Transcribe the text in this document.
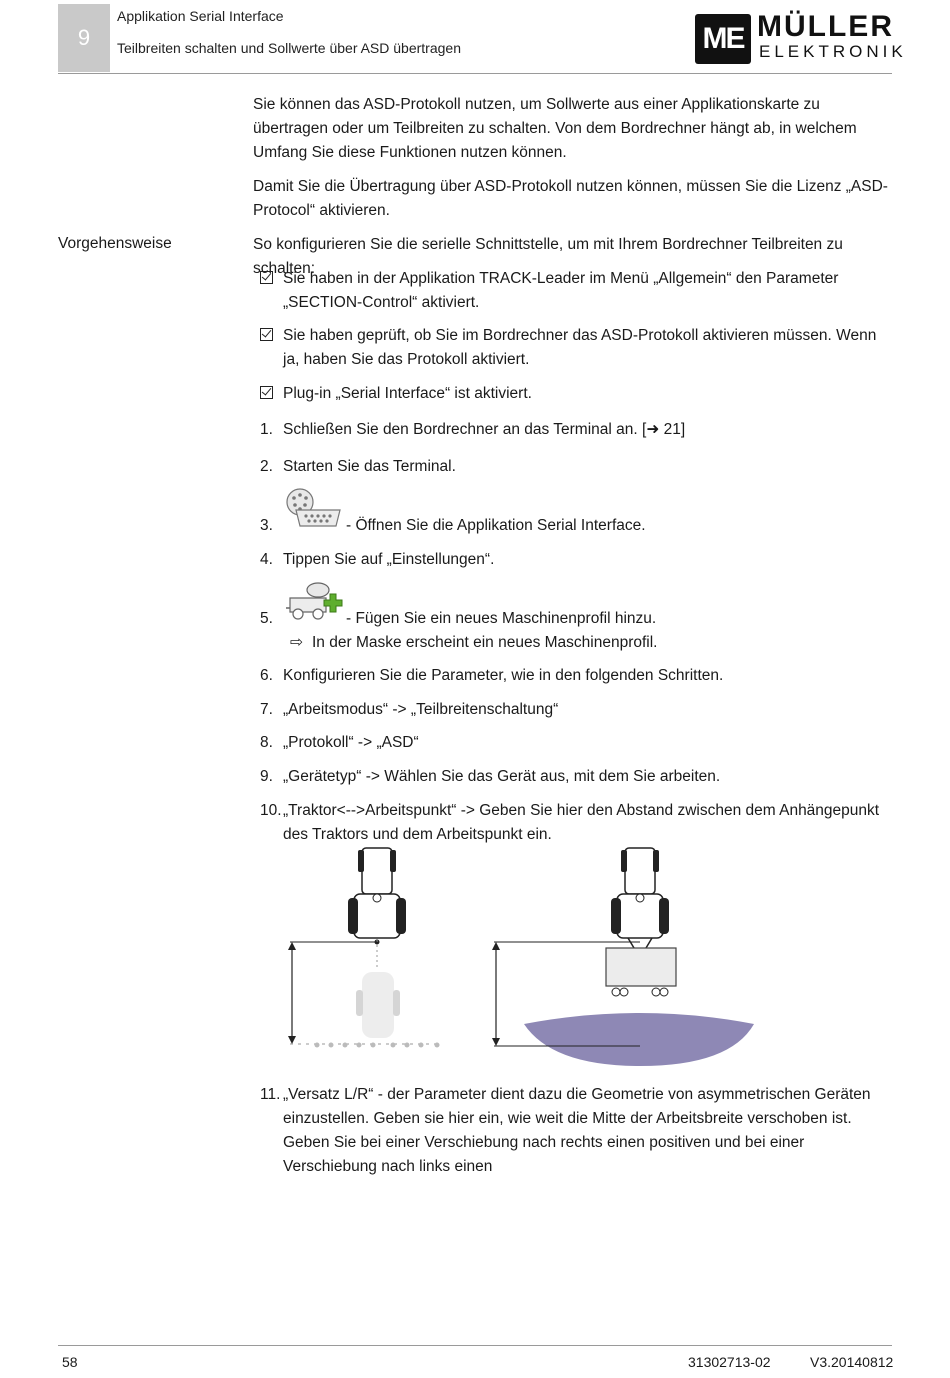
9
Applikation Serial Interface
Teilbreiten schalten und Sollwerte über ASD übertragen	ME MÜLLER
ELEKTRONIK
Sie können das ASD-Protokoll nutzen, um Sollwerte aus einer Applikationskarte zu übertragen oder um Teilbreiten zu schalten. Von dem Bordrechner hängt ab, in welchem Umfang Sie diese Funktionen nutzen können.
Damit Sie die Übertragung über ASD-Protokoll nutzen können, müssen Sie die Lizenz „ASD-Protocol“ aktivieren.
Vorgehensweise	So konfigurieren Sie die serielle Schnittstelle, um mit Ihrem Bordrechner Teilbreiten zu schalten:
Sie haben in der Applikation TRACK-Leader im Menü „Allgemein“ den Parameter „SECTION-Control“ aktiviert.
Sie haben geprüft, ob Sie im Bordrechner das ASD-Protokoll aktivieren müssen. Wenn ja, haben Sie das Protokoll aktiviert.
Plug-in „Serial Interface“ ist aktiviert.
1. Schließen Sie den Bordrechner an das Terminal an. [➜ 21]
2. Starten Sie das Terminal.
3.	- Öffnen Sie die Applikation Serial Interface.
4. Tippen Sie auf „Einstellungen“.
5.	- Fügen Sie ein neues Maschinenprofil hinzu.
⇨ In der Maske erscheint ein neues Maschinenprofil.
6. Konfigurieren Sie die Parameter, wie in den folgenden Schritten.
7. „Arbeitsmodus“ -> „Teilbreitenschaltung“
8. „Protokoll“ -> „ASD“
9. „Gerätetyp“ -> Wählen Sie das Gerät aus, mit dem Sie arbeiten.
10. „Traktor<-->Arbeitspunkt“ -> Geben Sie hier den Abstand zwischen dem Anhängepunkt des Traktors und dem Arbeitspunkt ein.
11. „Versatz L/R“ - der Parameter dient dazu die Geometrie von asymmetrischen Geräten einzustellen. Geben sie hier ein, wie weit die Mitte der Arbeitsbreite verschoben ist. Geben Sie bei einer Verschiebung nach rechts einen positiven und bei einer Verschiebung nach links einen
58	31302713-02	V3.20140812
